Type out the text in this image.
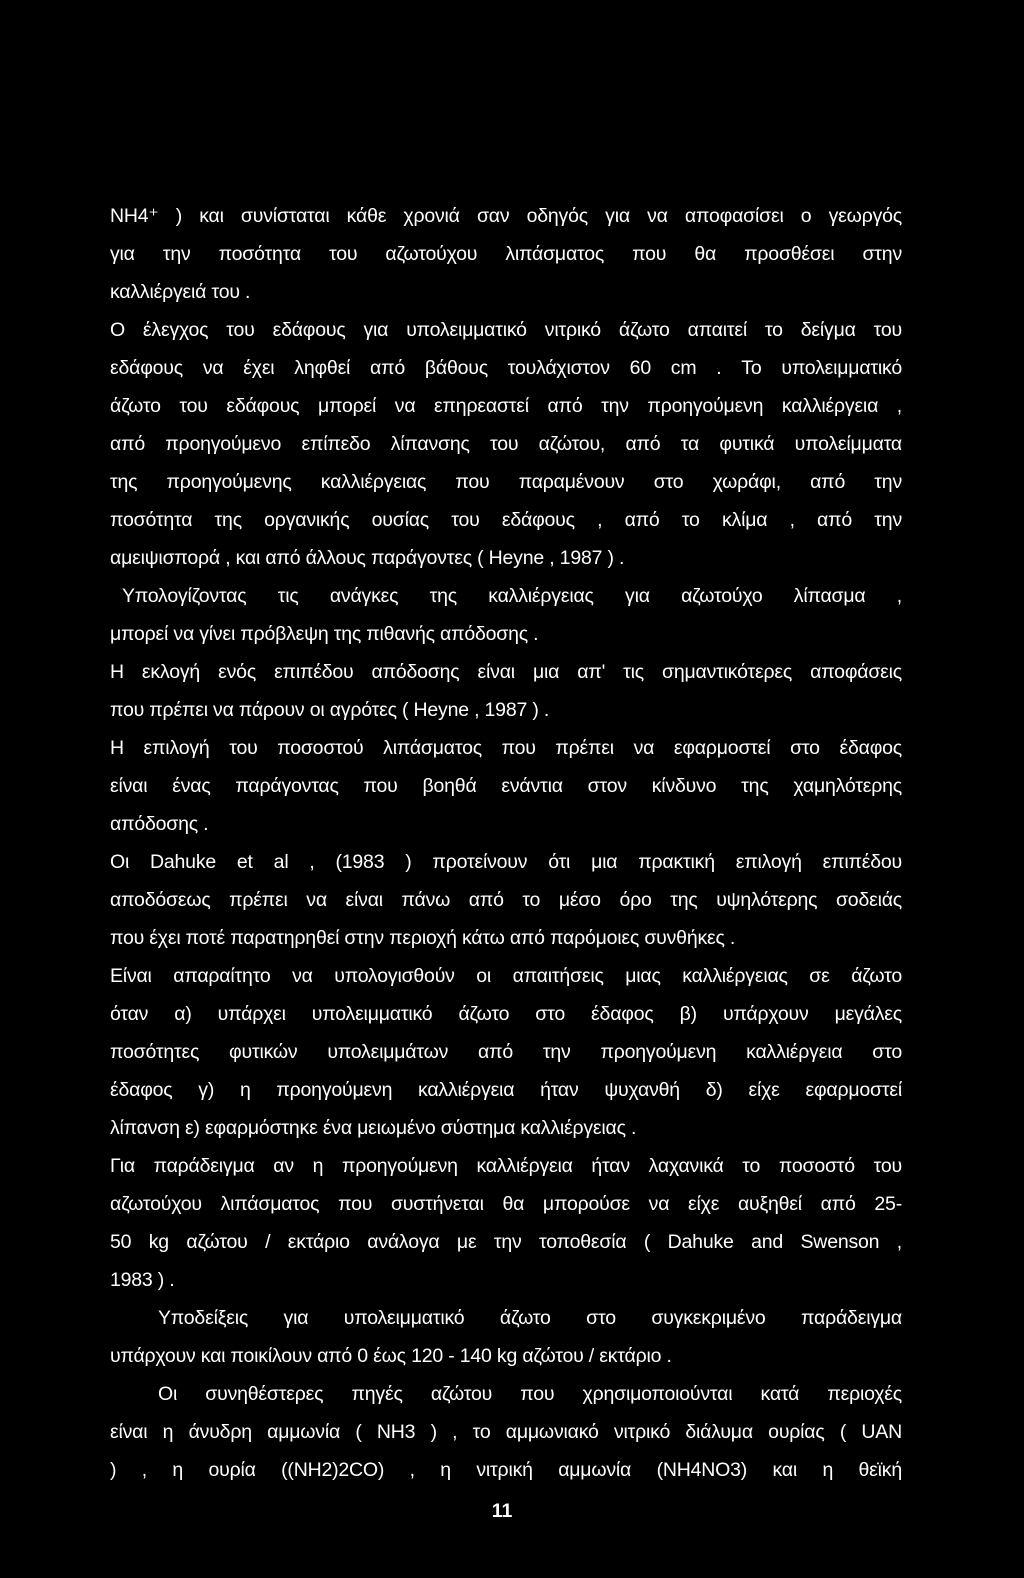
NH4⁺ ) και συνίσταται κάθε χρονιά σαν οδηγός για να αποφασίσει ο γεωργός
για την ποσότητα του αζωτούχου λιπάσματος που θα προσθέσει στην
καλλιέργειά του .
Ο έλεγχος του εδάφους για υπολειμματικό νιτρικό άζωτο απαιτεί το δείγμα του
εδάφους να έχει ληφθεί από βάθους τουλάχιστον 60 cm . Το υπολειμματικό
άζωτο του εδάφους μπορεί να επηρεαστεί από την προηγούμενη καλλιέργεια ,
από προηγούμενο επίπεδο λίπανσης του αζώτου, από τα φυτικά υπολείμματα
της προηγούμενης καλλιέργειας που παραμένουν στο χωράφι, από την
ποσότητα της οργανικής ουσίας του εδάφους , από το κλίμα , από την
αμειψισπορά , και από άλλους παράγοντες ( Heyne , 1987 ) .
Υπολογίζοντας τις ανάγκες της καλλιέργειας για αζωτούχο λίπασμα ,
μπορεί να γίνει πρόβλεψη της πιθανής απόδοσης .
Η εκλογή ενός επιπέδου απόδοσης είναι μια απ' τις σημαντικότερες αποφάσεις
που πρέπει να πάρουν οι αγρότες ( Heyne , 1987 ) .
Η επιλογή του ποσοστού λιπάσματος που πρέπει να εφαρμοστεί στο έδαφος
είναι ένας παράγοντας που βοηθά ενάντια στον κίνδυνο της χαμηλότερης
απόδοσης .
Οι Dahuke et al , (1983 ) προτείνουν ότι μια πρακτική επιλογή επιπέδου
αποδόσεως πρέπει να είναι πάνω από το μέσο όρο της υψηλότερης σοδειάς
που έχει ποτέ παρατηρηθεί στην περιοχή κάτω από παρόμοιες συνθήκες .
Είναι απαραίτητο να υπολογισθούν οι απαιτήσεις μιας καλλιέργειας σε άζωτο
όταν α) υπάρχει υπολειμματικό άζωτο στο έδαφος β) υπάρχουν μεγάλες
ποσότητες φυτικών υπολειμμάτων από την προηγούμενη καλλιέργεια στο
έδαφος γ) η προηγούμενη καλλιέργεια ήταν ψυχανθή δ) είχε εφαρμοστεί
λίπανση ε) εφαρμόστηκε ένα μειωμένο σύστημα καλλιέργειας .
Για παράδειγμα αν η προηγούμενη καλλιέργεια ήταν λαχανικά το ποσοστό του
αζωτούχου λιπάσματος που συστήνεται θα μπορούσε να είχε αυξηθεί από 25-
50 kg αζώτου / εκτάριο ανάλογα με την τοποθεσία ( Dahuke and Swenson ,
1983 ) .
Υποδείξεις για υπολειμματικό άζωτο στο συγκεκριμένο παράδειγμα
υπάρχουν και ποικίλουν από 0 έως 120 - 140 kg αζώτου / εκτάριο .
Οι συνηθέστερες πηγές αζώτου που χρησιμοποιούνται κατά περιοχές
είναι η άνυδρη αμμωνία ( NH3 ) , το αμμωνιακό νιτρικό διάλυμα ουρίας ( UAN
) , η ουρία ((NH2)2CO) , η νιτρική αμμωνία (NH4NO3) και η θεϊκή
11
